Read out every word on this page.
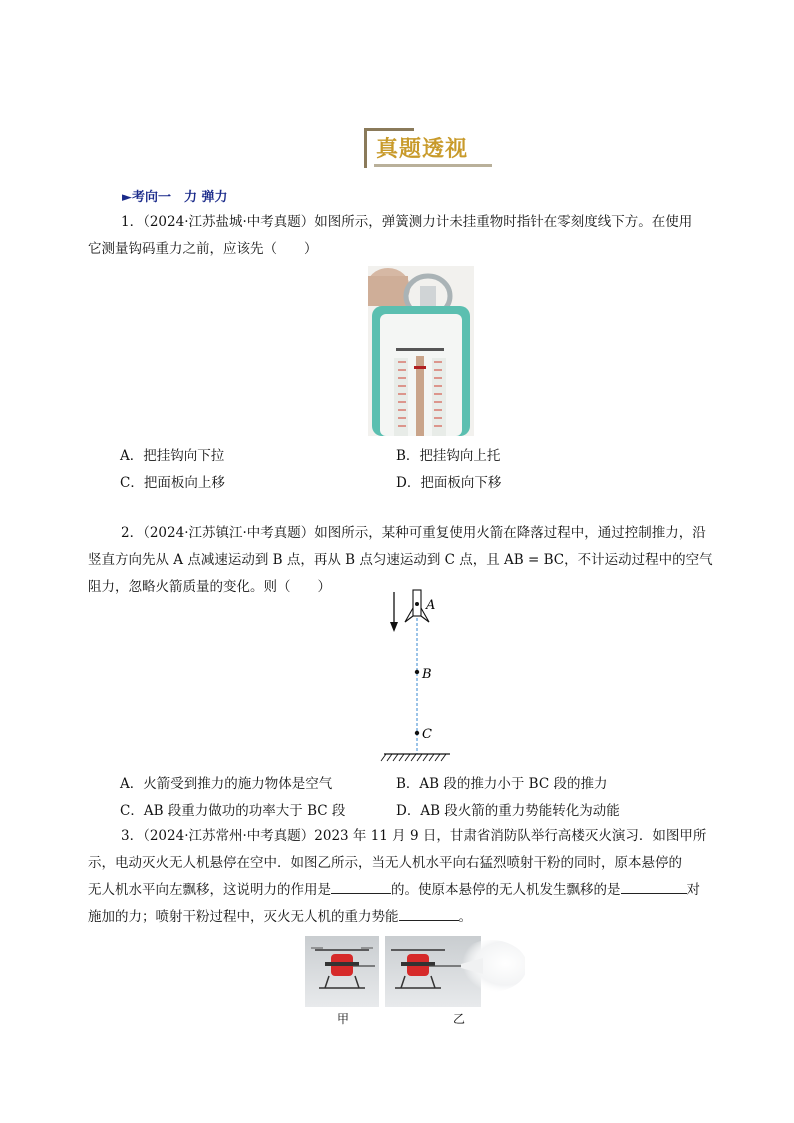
真题透视
►考向一　力 弹力
1．（2024·江苏盐城·中考真题）如图所示，弹簧测力计未挂重物时指针在零刻度线下方。在使用
它测量钩码重力之前，应该先（　　）
A．把挂钩向下拉	B．把挂钩向上托
C．把面板向上移	D．把面板向下移
2．（2024·江苏镇江·中考真题）如图所示，某种可重复使用火箭在降落过程中，通过控制推力，沿
竖直方向先从 A 点减速运动到 B 点，再从 B 点匀速运动到 C 点，且 AB = BC，不计运动过程中的空气
阻力，忽略火箭质量的变化。则（　　）
A
B
C
A．火箭受到推力的施力物体是空气	B．AB 段的推力小于 BC 段的推力
C．AB 段重力做功的功率大于 BC 段	D．AB 段火箭的重力势能转化为动能
3．（2024·江苏常州·中考真题）2023 年 11 月 9 日，甘肃省消防队举行高楼灭火演习．如图甲所
示，电动灭火无人机悬停在空中．如图乙所示，当无人机水平向右猛烈喷射干粉的同时，原本悬停的
无人机水平向左飘移，这说明力的作用是	的。使原本悬停的无人机发生飘移的是	对
施加的力；喷射干粉过程中，灭火无人机的重力势能	。
甲	乙
